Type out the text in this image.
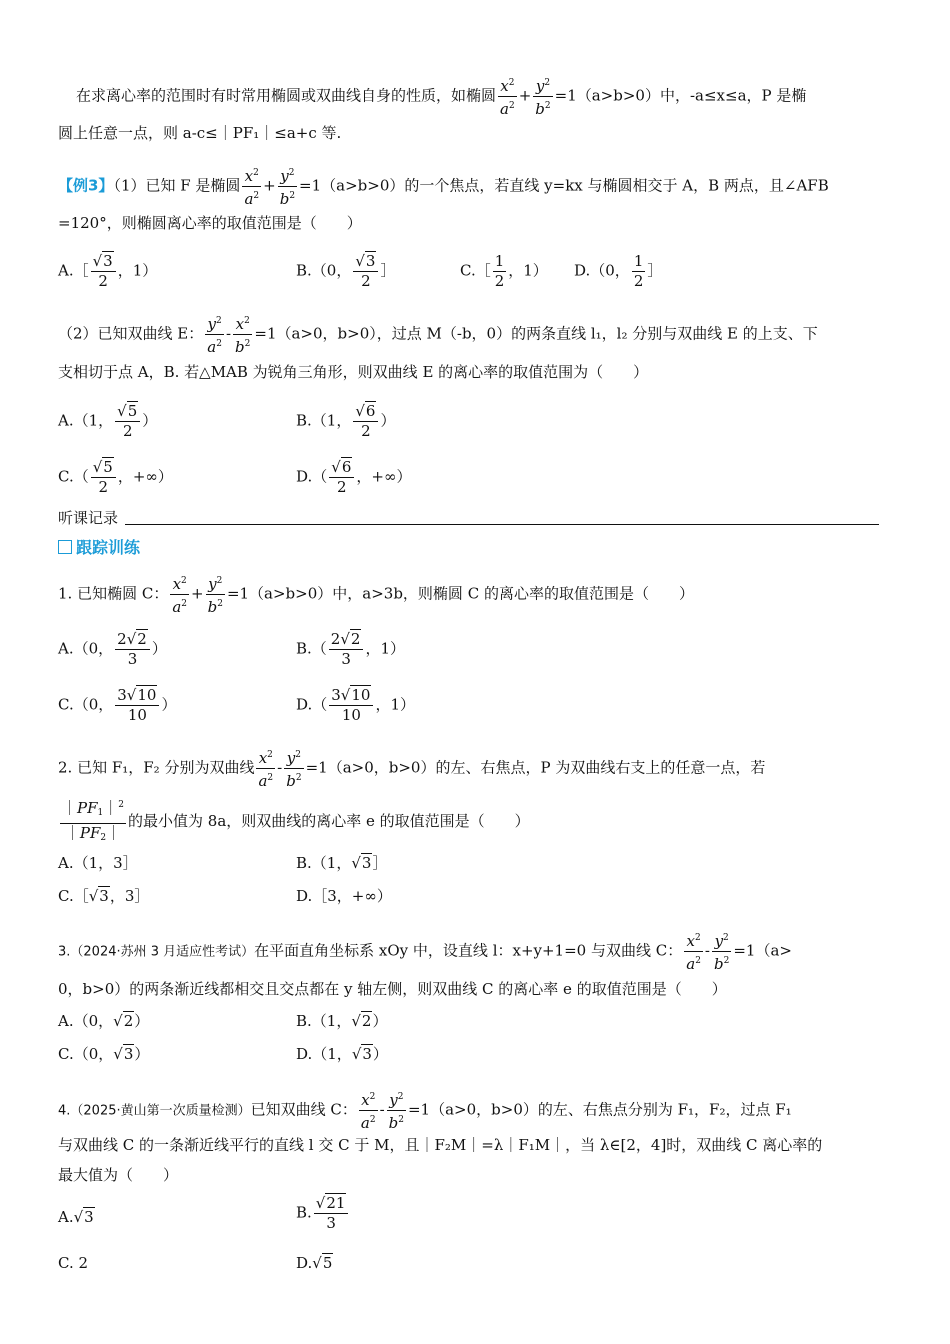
在求离心率的范围时有时常用椭圆或双曲线自身的性质，如椭圆 $\frac{x^2}{a^2} + \frac{y^2}{b^2} =1(a>b>0)$中，-a≤x≤a，P 是椭
圆上任意一点，则 a-c≤｜PF₁｜≤a+c 等.
【例3】（1）已知 F 是椭圆 $\frac{x^2}{a^2} + \frac{y^2}{b^2} =1(a>b>0)$的一个焦点，若直线 y=kx 与椭圆相交于 A，B 两点，且∠AFB
=120°，则椭圆离心率的取值范围是（　　）
A.［ $\frac{√3}{2}$ ，1）	B.（0， $\frac{√3}{2}$ ］	C.［ $\frac{1}{2}$ ，1） D.（0， $\frac{1}{2}$ ］
（2）已知双曲线 E： $\frac{y^2}{a^2} - \frac{x^2}{b^2} =1(a>0$，b>0），过点 M（-b，0）的两条直线 l₁，l₂ 分别与双曲线 E 的上支、下
支相切于点 A，B. 若△MAB 为锐角三角形，则双曲线 E 的离心率的取值范围为（　　）
A.（1， $\frac{√5}{2}$ ）	B.（1， $\frac{√6}{2}$ ）
$C.( \frac{√5}{2}$ ，+∞）	$D.( \frac{√6}{2}$ ，+∞）
听课记录
跟踪训练
1. 已知椭圆 C： $\frac{x^2}{a^2} + \frac{y^2}{b^2} =1(a>b>0)$中，a>3b，则椭圆 C 的离心率的取值范围是（　　）
A.（0， $\frac{2√2}{3}$ ）	$B.( \frac{2√2}{3}$ ，1）
C.（0， $\frac{3√10}{10}$ ）	$D.( \frac{3√10}{10}$ ，1）
2. 已知 F₁，F₂ 分别为双曲线 $\frac{x^2}{a^2} - \frac{y^2}{b^2} =1(a>0$，b>0）的左、右焦点，P 为双曲线右支上的任意一点，若
$\frac{|PF_1|^2}{|PF_2|}$ 的最小值为 8a，则双曲线的离心率 e 的取值范围是（　　）
A.（1，3］	B.（1，√3］
C.［√3，3］	D.［3，+∞）
3.（2024·苏州 3 月适应性考试）在平面直角坐标系 xOy 中，设直线 l：x+y+1=0 与双曲线 C： $\frac{x^2}{a^2} - \frac{y^2}{b^2} =1(a>$
0，b>0）的两条渐近线都相交且交点都在 y 轴左侧，则双曲线 C 的离心率 e 的取值范围是（　　）
A.（0，√2）	B.（1，√2）
C.（0，√3）	D.（1，√3）
4.（2025·黄山第一次质量检测）已知双曲线 C： $\frac{x^2}{a^2} - \frac{y^2}{b^2} =1(a>0$，b>0）的左、右焦点分别为 F₁，F₂，过点 F₁
与双曲线 C 的一条渐近线平行的直线 l 交 C 于 M，且｜F₂M｜=λ｜F₁M｜，当 λ∈[2，4]时，双曲线 C 离心率的
最大值为（　　）
A.√3	B. $\frac{√21}{3}$
C. 2	D.√5
